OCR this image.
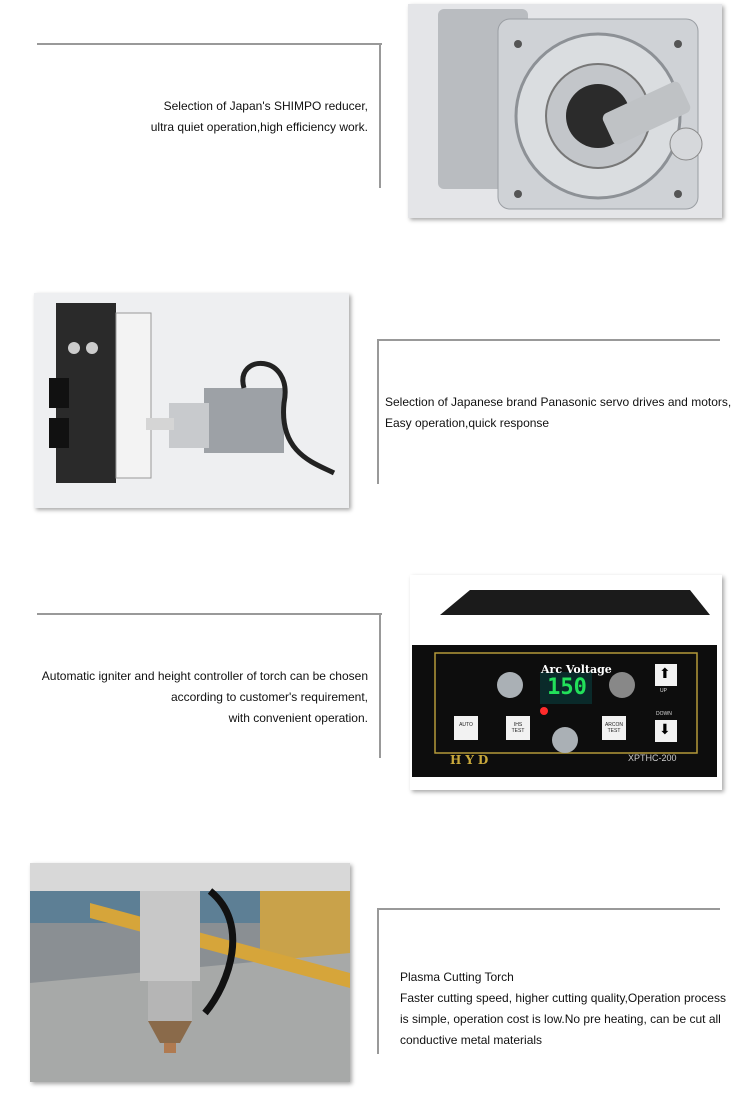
Selection of Japan's SHIMPO reducer,
ultra quiet operation,high efficiency work.
Selection of Japanese brand Panasonic servo drives and motors,
Easy operation,quick response
Automatic igniter and height controller of torch can be chosen
according to customer's requirement,
with convenient operation.
Arc Voltage
150
AUTO	IHS TEST
ARCON TEST
⬆
⬇
UP
DOWN
HYD	XPTHC-200
Plasma Cutting Torch
Faster cutting speed, higher cutting quality,Operation process
is simple, operation cost is low.No pre heating, can be cut all
conductive metal materials
